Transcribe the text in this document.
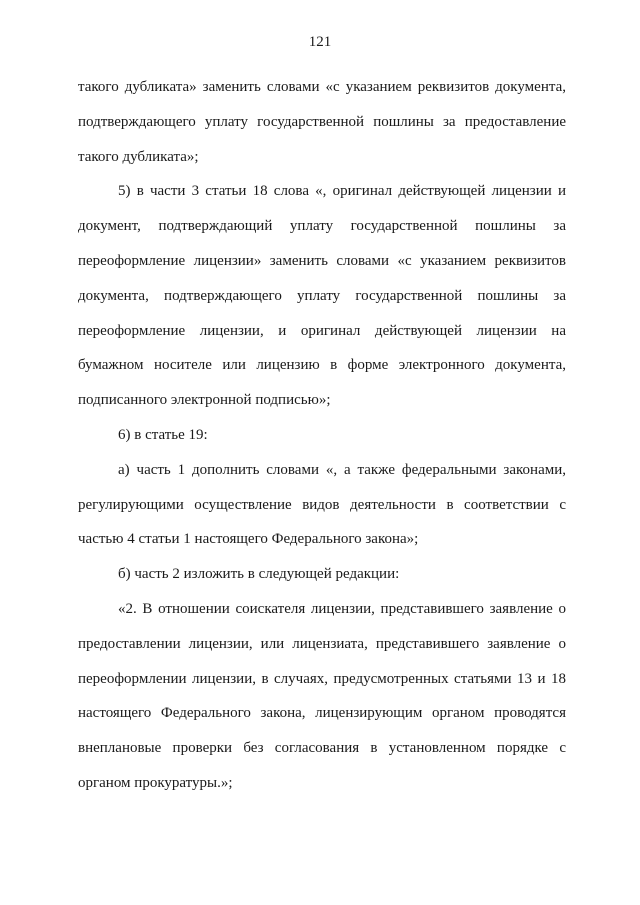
121

такого дубликата» заменить словами «с указанием реквизитов документа, подтверждающего уплату государственной пошлины за предоставление такого дубликата»;

5) в части 3 статьи 18 слова «, оригинал действующей лицензии и документ, подтверждающий уплату государственной пошлины за переоформление лицензии» заменить словами «с указанием реквизитов документа, подтверждающего уплату государственной пошлины за переоформление лицензии, и оригинал действующей лицензии на бумажном носителе или лицензию в форме электронного документа, подписанного электронной подписью»;

6) в статье 19:

а) часть 1 дополнить словами «, а также федеральными законами, регулирующими осуществление видов деятельности в соответствии с частью 4 статьи 1 настоящего Федерального закона»;

б) часть 2 изложить в следующей редакции:

«2. В отношении соискателя лицензии, представившего заявление о предоставлении лицензии, или лицензиата, представившего заявление о переоформлении лицензии, в случаях, предусмотренных статьями 13 и 18 настоящего Федерального закона, лицензирующим органом проводятся внеплановые проверки без согласования в установленном порядке с органом прокуратуры.»;
